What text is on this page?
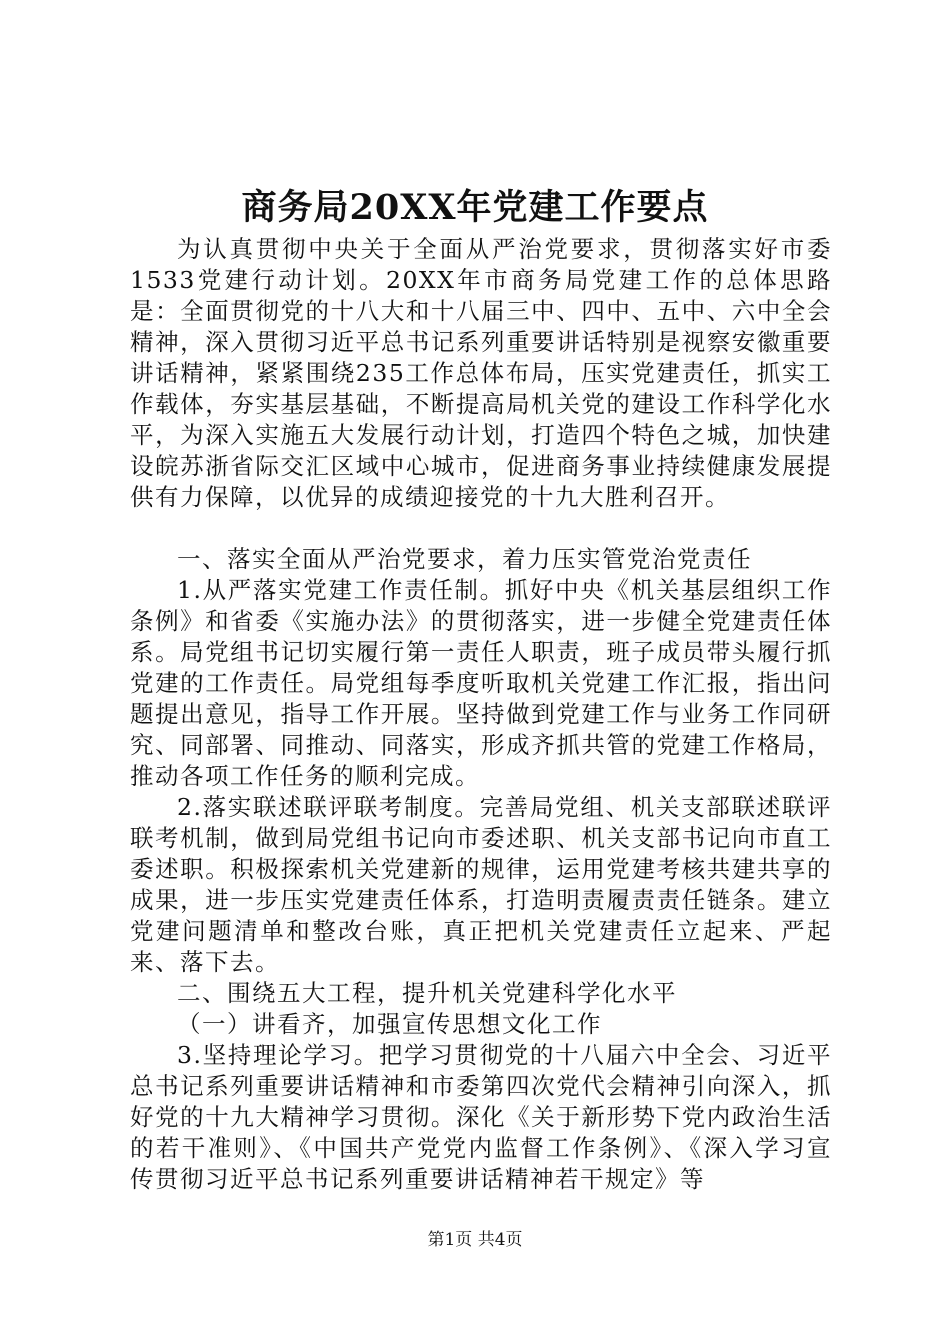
商务局20XX年党建工作要点

为认真贯彻中央关于全面从严治党要求，贯彻落实好市委1533党建行动计划。20XX年市商务局党建工作的总体思路是：全面贯彻党的十八大和十八届三中、四中、五中、六中全会精神，深入贯彻习近平总书记系列重要讲话特别是视察安徽重要讲话精神，紧紧围绕235工作总体布局，压实党建责任，抓实工作载体，夯实基层基础，不断提高局机关党的建设工作科学化水平，为深入实施五大发展行动计划，打造四个特色之城，加快建设皖苏浙省际交汇区域中心城市，促进商务事业持续健康发展提供有力保障，以优异的成绩迎接党的十九大胜利召开。

一、落实全面从严治党要求，着力压实管党治党责任

1.从严落实党建工作责任制。抓好中央《机关基层组织工作条例》和省委《实施办法》的贯彻落实，进一步健全党建责任体系。局党组书记切实履行第一责任人职责，班子成员带头履行抓党建的工作责任。局党组每季度听取机关党建工作汇报，指出问题提出意见，指导工作开展。坚持做到党建工作与业务工作同研究、同部署、同推动、同落实，形成齐抓共管的党建工作格局，推动各项工作任务的顺利完成。

2.落实联述联评联考制度。完善局党组、机关支部联述联评联考机制，做到局党组书记向市委述职、机关支部书记向市直工委述职。积极探索机关党建新的规律，运用党建考核共建共享的成果，进一步压实党建责任体系，打造明责履责责任链条。建立党建问题清单和整改台账，真正把机关党建责任立起来、严起来、落下去。

二、围绕五大工程，提升机关党建科学化水平

（一）讲看齐，加强宣传思想文化工作

3.坚持理论学习。把学习贯彻党的十八届六中全会、习近平总书记系列重要讲话精神和市委第四次党代会精神引向深入，抓好党的十九大精神学习贯彻。深化《关于新形势下党内政治生活的若干准则》、《中国共产党党内监督工作条例》、《深入学习宣传贯彻习近平总书记系列重要讲话精神若干规定》等

第1页 共4页
